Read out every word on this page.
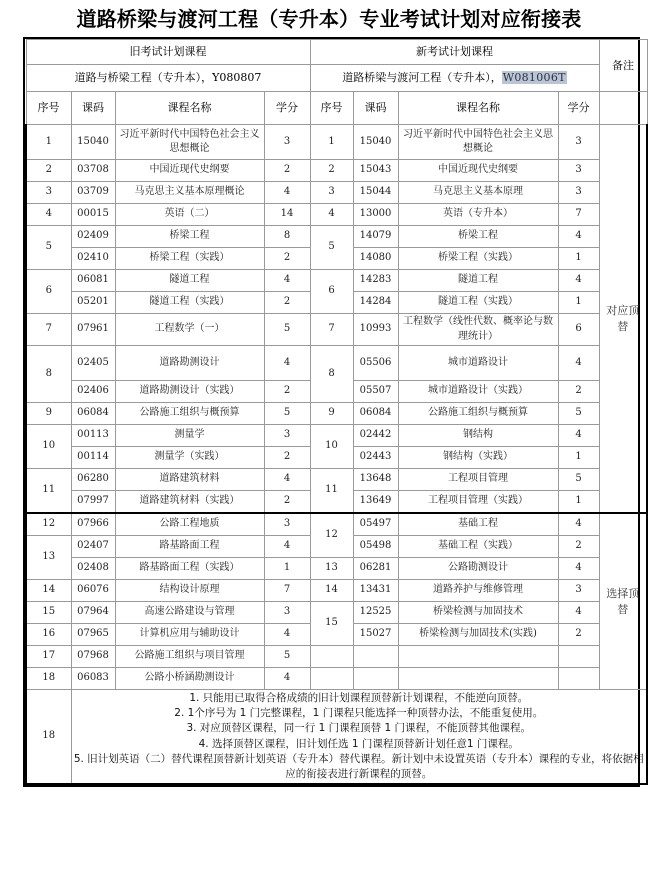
道路桥梁与渡河工程（专升本）专业考试计划对应衔接表
旧考试计划课程				新考试计划课程				备注
道路与桥梁工程（专升本），Y080807				道路桥梁与渡河工程（专升本），W081006T				
序号	课码	课程名称	学分	序号	课码	课程名称	学分	
1	15040	习近平新时代中国特色社会主义思想概论	3	1	15040	习近平新时代中国特色社会主义思想概论	3	对应顶替
2	03708	中国近现代史纲要	2	2	15043	中国近现代史纲要	3	
3	03709	马克思主义基本原理概论	4	3	15044	马克思主义基本原理	3	
4	00015	英语（二）	14	4	13000	英语（专升本）	7	
5	02409	桥梁工程	8	5	14079	桥梁工程	4	
	02410	桥梁工程（实践）	2		14080	桥梁工程（实践）	1	
6	06081	隧道工程	4	6	14283	隧道工程	4	
	05201	隧道工程（实践）	2		14284	隧道工程（实践）	1	
7	07961	工程数学（一）	5	7	10993	工程数学（线性代数、概率论与数理统计）	6	
8	02405	道路勘测设计	4	8	05506	城市道路设计	4	
	02406	道路勘测设计（实践）	2		05507	城市道路设计（实践）	2	
9	06084	公路施工组织与概预算	5	9	06084	公路施工组织与概预算	5	
10	00113	测量学	3	10	02442	钢结构	4	
	00114	测量学（实践）	2		02443	钢结构（实践）	1	
11	06280	道路建筑材料	4	11	13648	工程项目管理	5	
	07997	道路建筑材料（实践）	2		13649	工程项目管理（实践）	1	
12	07966	公路工程地质	3	12	05497	基础工程	4	选择顶替
13	02407	路基路面工程	4		05498	基础工程（实践）	2	
	02408	路基路面工程（实践）	1	13	06281	公路勘测设计	4	
14	06076	结构设计原理	7	14	13431	道路养护与维修管理	3	
15	07964	高速公路建设与管理	3	15	12525	桥梁检测与加固技术	4	
16	07965	计算机应用与辅助设计	4		15027	桥梁检测与加固技术(实践)	2	
17	07968	公路施工组织与项目管理	5					
18	06083	公路小桥涵勘测设计	4					
18	1. 只能用已取得合格成绩的旧计划课程顶替新计划课程，不能逆向顶替。

2. 1个序号为 1 门完整课程，1 门课程只能选择一种顶替办法，不能重复使用。

3. 对应顶替区课程，同一行 1 门课程顶替 1 门课程，不能顶替其他课程。

4. 选择顶替区课程，旧计划任选 1 门课程顶替新计划任意1 门课程。

5. 旧计划英语（二）替代课程顶替新计划英语（专升本）替代课程。新计划中未设置英语（专升本）课程的专业，将依据相应的衔接表进行新课程的顶替。							
